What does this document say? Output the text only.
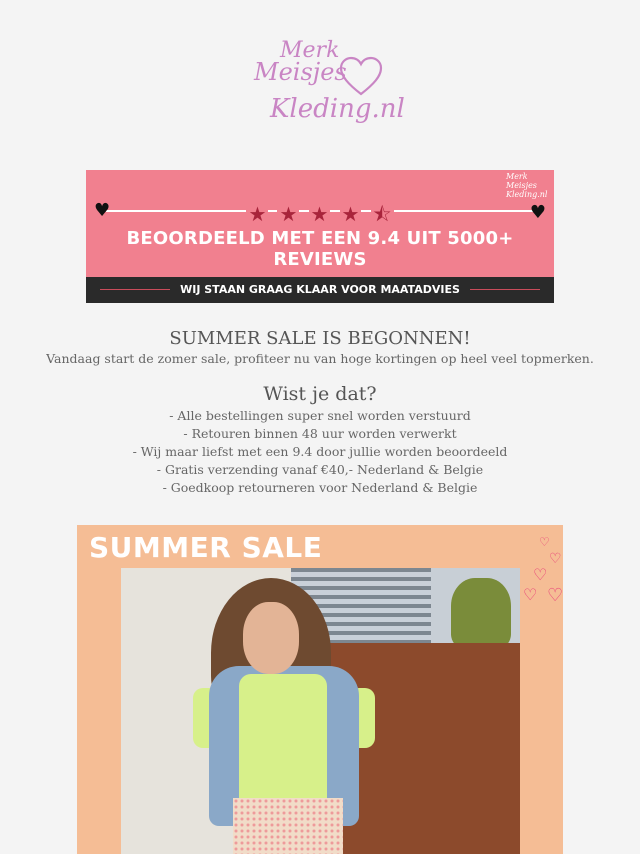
Merk
Meisjes
Kleding.nl
♥	♥
★ ★ ★ ★ ⯪
Merk
Meisjes
Kleding.nl
BEOORDEELD MET EEN 9.4 UIT 5000+ REVIEWS
WIJ STAAN GRAAG KLAAR VOOR MAATADVIES
SUMMER SALE IS BEGONNEN!
Vandaag start de zomer sale, profiteer nu van hoge kortingen op heel veel topmerken.
Wist je dat?
- Alle bestellingen super snel worden verstuurd
- Retouren binnen 48 uur worden verwerkt
- Wij maar liefst met een 9.4 door jullie worden beoordeeld
- Gratis verzending vanaf €40,- Nederland & Belgie
- Goedkoop retourneren voor Nederland & Belgie
SUMMER SALE	♡
♡
♡
♡ ♡
